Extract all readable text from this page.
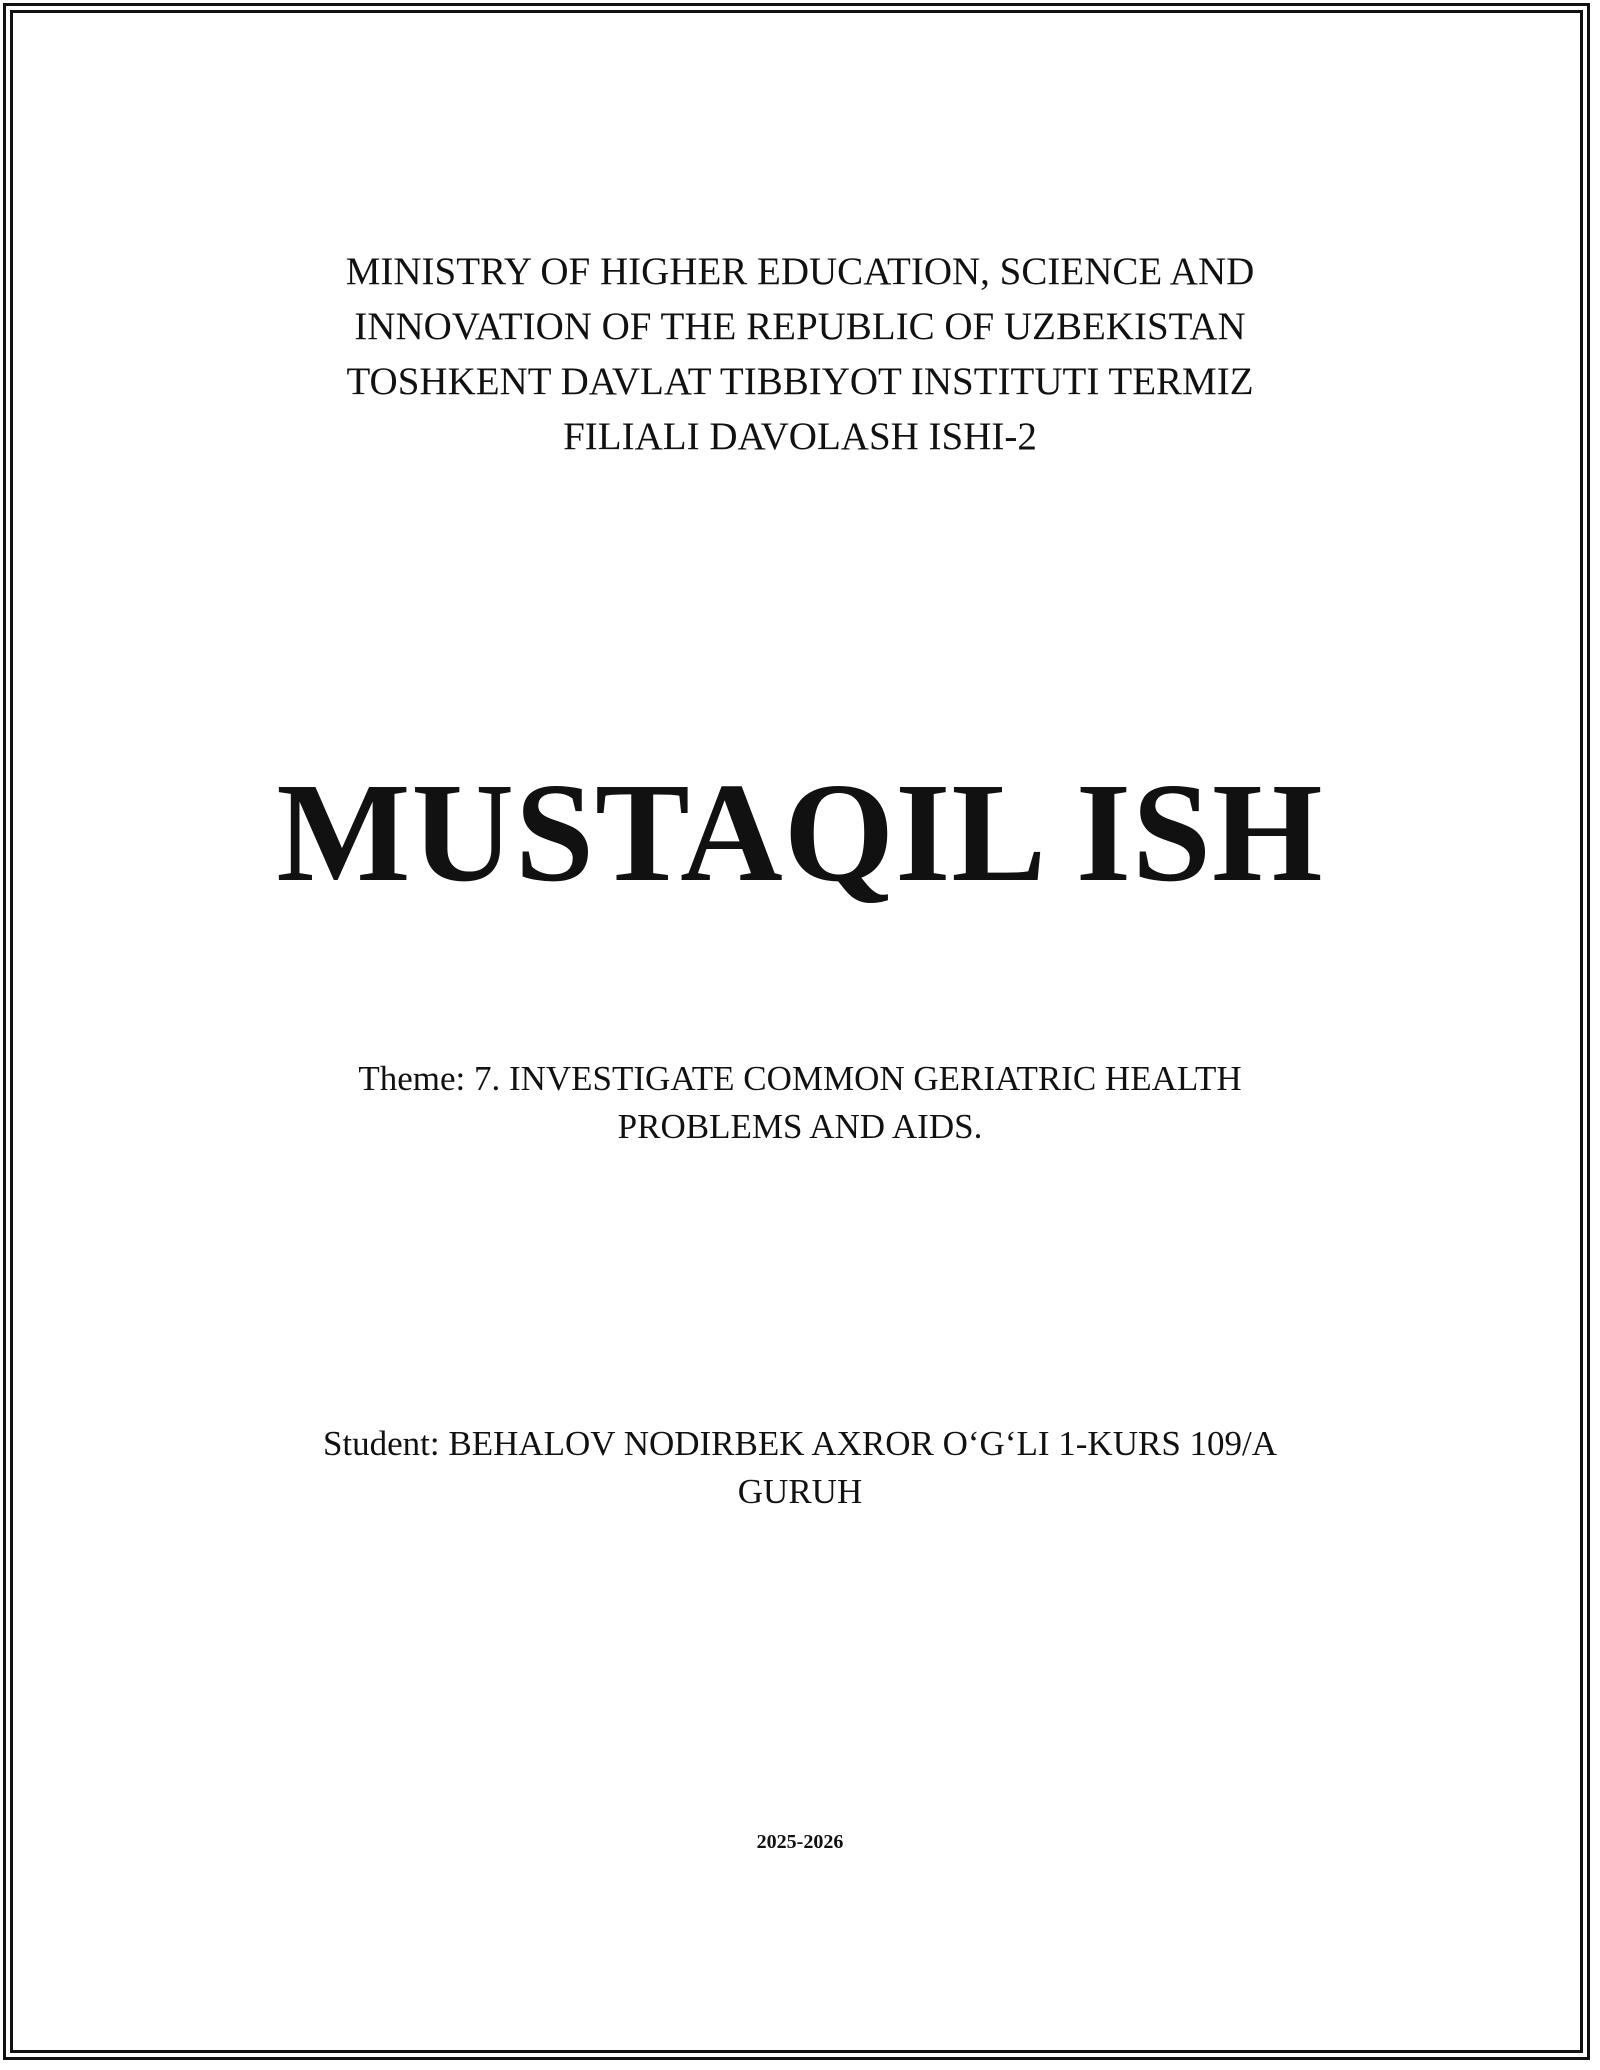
MINISTRY OF HIGHER EDUCATION, SCIENCE AND
INNOVATION OF THE REPUBLIC OF UZBEKISTAN
TOSHKENT DAVLAT TIBBIYOT INSTITUTI TERMIZ
FILIALI DAVOLASH ISHI-2
MUSTAQIL ISH
Theme: 7. INVESTIGATE COMMON GERIATRIC HEALTH
PROBLEMS AND AIDS.
Student: BEHALOV NODIRBEK AXROR O‘G‘LI 1-KURS 109/A
GURUH
2025-2026
